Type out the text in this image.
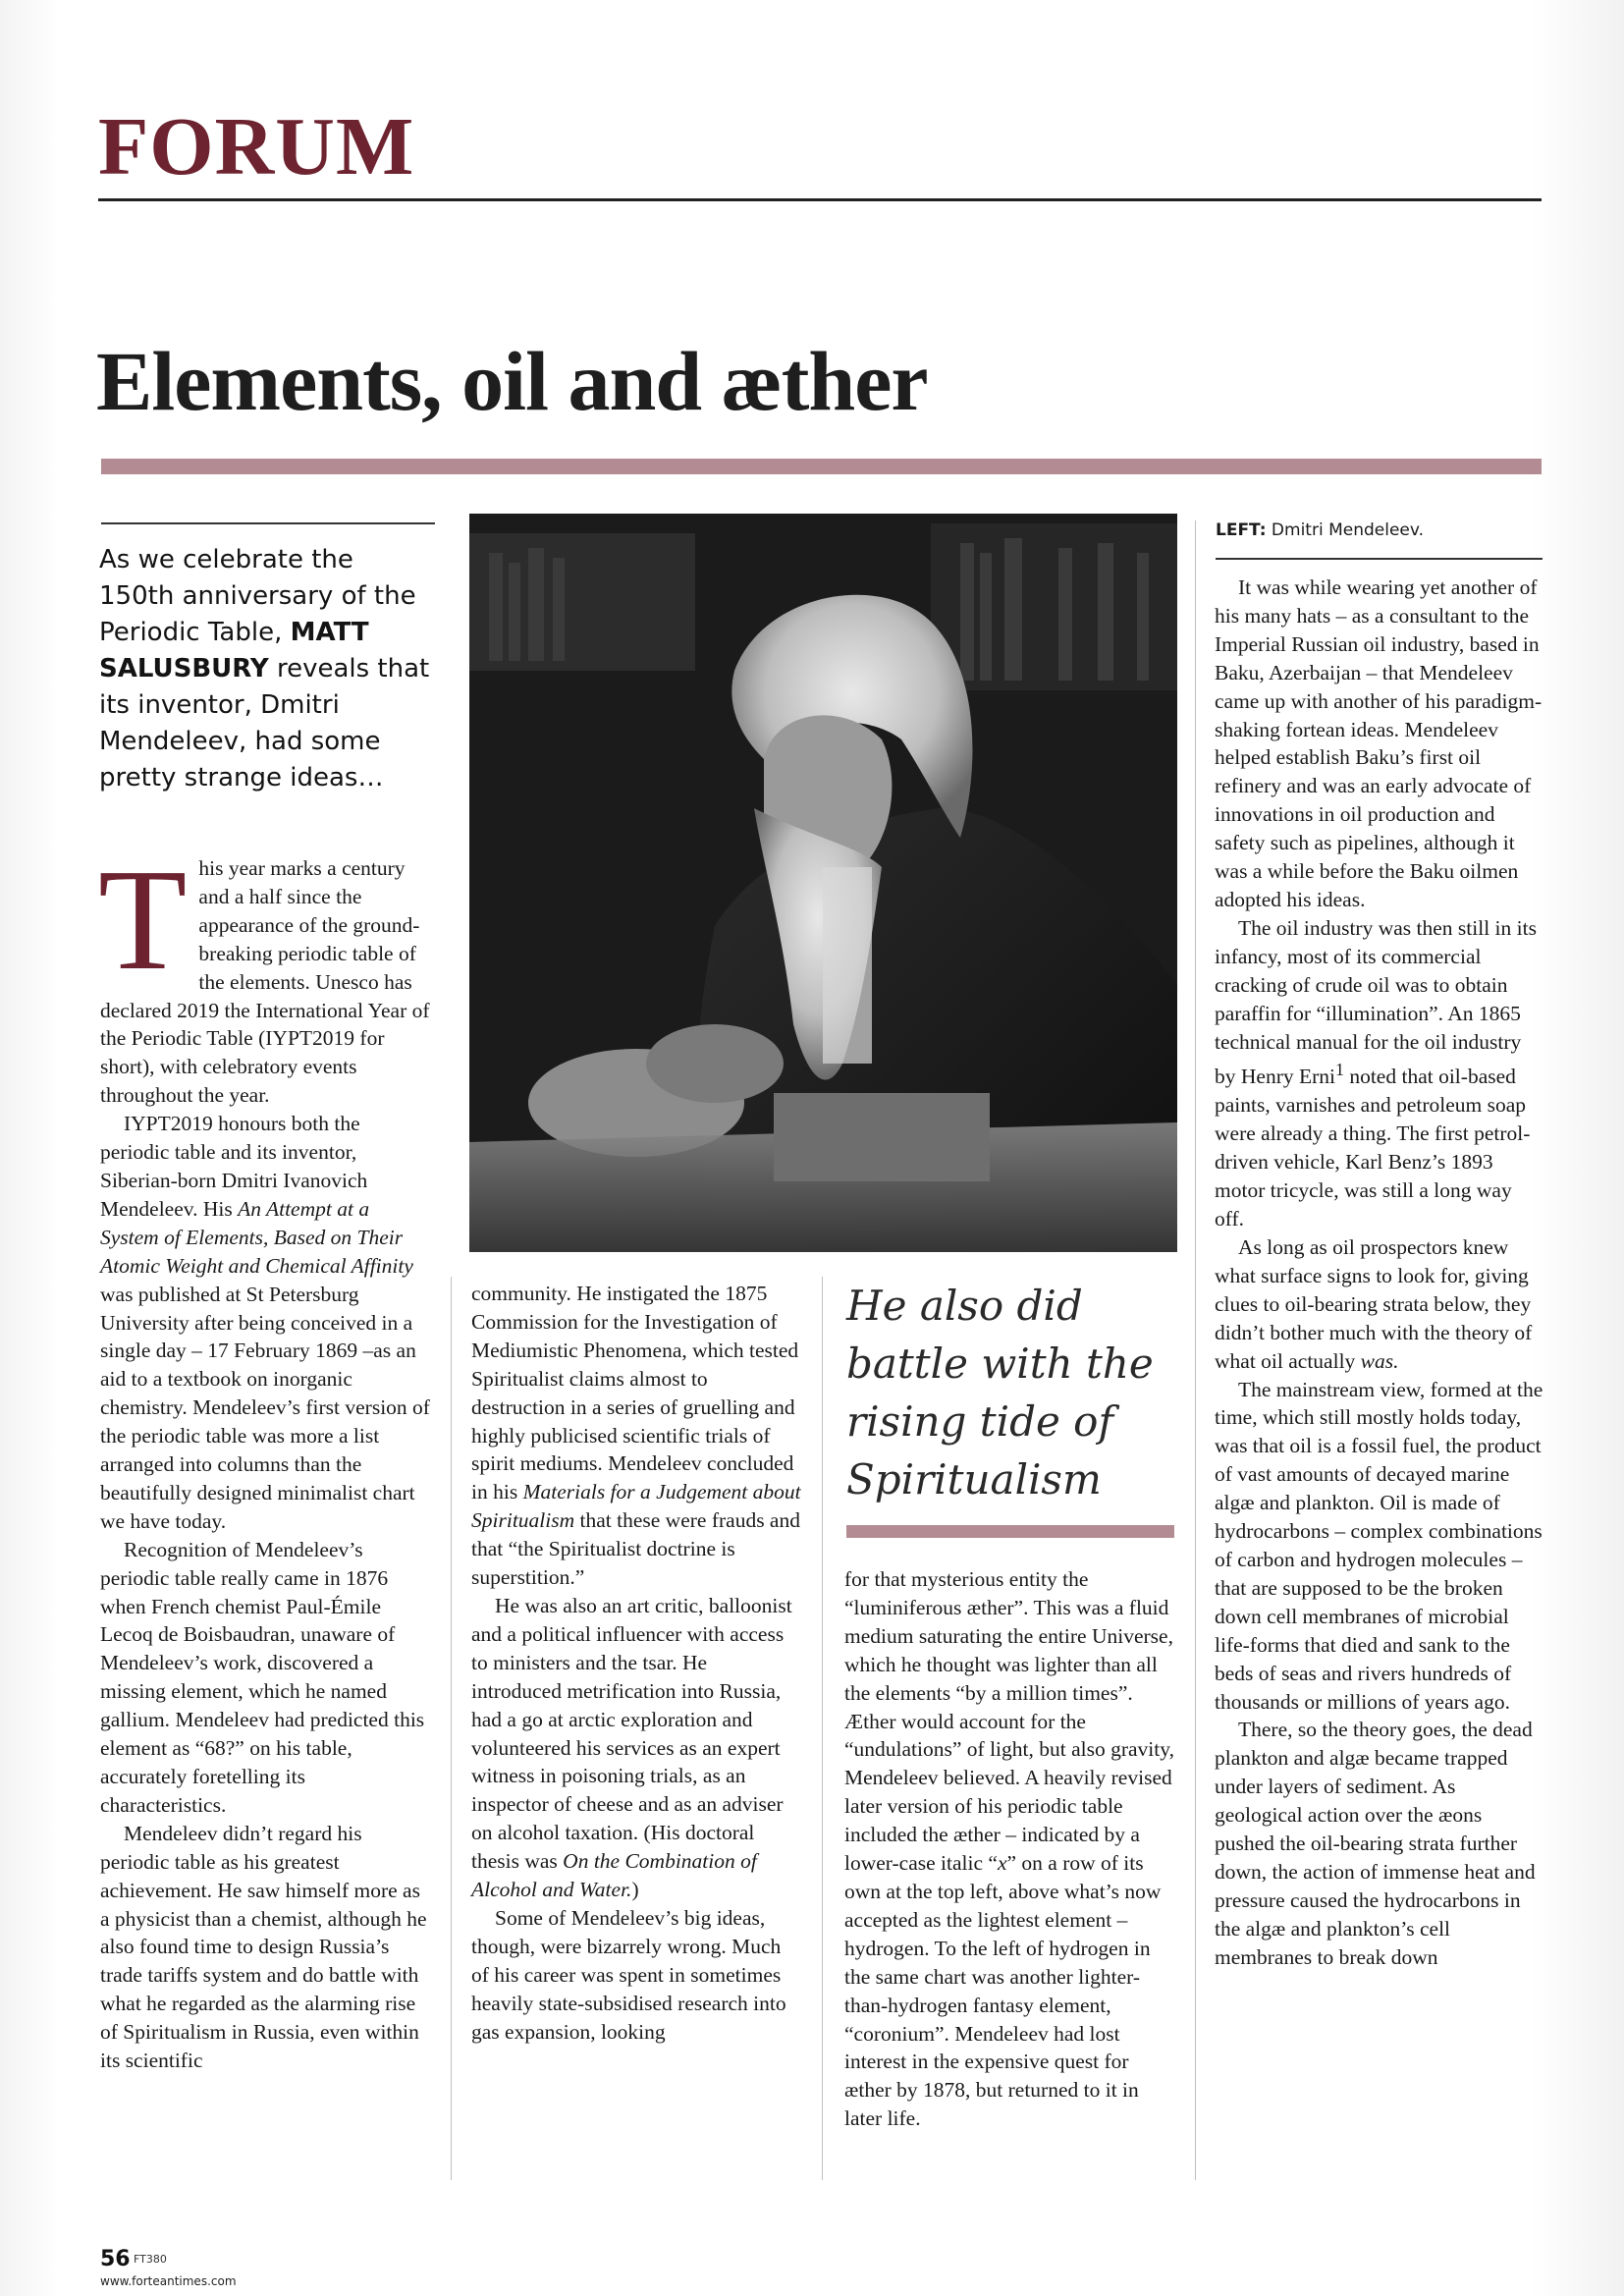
FORUM
Elements, oil and æther

As we celebrate the 150th anniversary of the Periodic Table, MATT SALUSBURY reveals that its inventor, Dmitri Mendeleev, had some pretty strange ideas…

This year marks a century and a half since the appearance of the ground-breaking periodic table of the elements. Unesco has declared 2019 the International Year of the Periodic Table (IYPT2019 for short), with celebratory events throughout the year.

IYPT2019 honours both the periodic table and its inventor, Siberian-born Dmitri Ivanovich Mendeleev. His An Attempt at a System of Elements, Based on Their Atomic Weight and Chemical Affinity was published at St Petersburg University after being conceived in a single day – 17 February 1869 –as an aid to a textbook on inorganic chemistry. Mendeleev’s first version of the periodic table was more a list arranged into columns than the beautifully designed minimalist chart we have today.

Recognition of Mendeleev’s periodic table really came in 1876 when French chemist Paul-Émile Lecoq de Boisbaudran, unaware of Mendeleev’s work, discovered a missing element, which he named gallium. Mendeleev had predicted this element as “68?” on his table, accurately foretelling its characteristics.

Mendeleev didn’t regard his periodic table as his greatest achievement. He saw himself more as a physicist than a chemist, although he also found time to design Russia’s trade tariffs system and do battle with what he regarded as the alarming rise of Spiritualism in Russia, even within its scientific

LEFT: Dmitri Mendeleev.

community. He instigated the 1875 Commission for the Investigation of Mediumistic Phenomena, which tested Spiritualist claims almost to destruction in a series of gruelling and highly publicised scientific trials of spirit mediums. Mendeleev concluded in his Materials for a Judgement about Spiritualism that these were frauds and that “the Spiritualist doctrine is superstition.”

He was also an art critic, balloonist and a political influencer with access to ministers and the tsar. He introduced metrification into Russia, had a go at arctic exploration and volunteered his services as an expert witness in poisoning trials, as an inspector of cheese and as an adviser on alcohol taxation. (His doctoral thesis was On the Combination of Alcohol and Water.)

Some of Mendeleev’s big ideas, though, were bizarrely wrong. Much of his career was spent in sometimes heavily state-subsidised research into gas expansion, looking

He also did battle with the rising tide of Spiritualism

for that mysterious entity the “luminiferous æther”. This was a fluid medium saturating the entire Universe, which he thought was lighter than all the elements “by a million times”. Æther would account for the “undulations” of light, but also gravity, Mendeleev believed. A heavily revised later version of his periodic table included the æther – indicated by a lower-case italic “x” on a row of its own at the top left, above what’s now accepted as the lightest element –hydrogen. To the left of hydrogen in the same chart was another lighter-than-hydrogen fantasy element, “coronium”. Mendeleev had lost interest in the expensive quest for æther by 1878, but returned to it in later life.

It was while wearing yet another of his many hats – as a consultant to the Imperial Russian oil industry, based in Baku, Azerbaijan – that Mendeleev came up with another of his paradigm-shaking fortean ideas. Mendeleev helped establish Baku’s first oil refinery and was an early advocate of innovations in oil production and safety such as pipelines, although it was a while before the Baku oilmen adopted his ideas.

The oil industry was then still in its infancy, most of its commercial cracking of crude oil was to obtain paraffin for “illumination”. An 1865 technical manual for the oil industry by Henry Erni$^1$ noted that oil-based paints, varnishes and petroleum soap were already a thing. The first petrol-driven vehicle, Karl Benz’s 1893 motor tricycle, was still a long way off.

As long as oil prospectors knew what surface signs to look for, giving clues to oil-bearing strata below, they didn’t bother much with the theory of what oil actually was.

The mainstream view, formed at the time, which still mostly holds today, was that oil is a fossil fuel, the product of vast amounts of decayed marine algæ and plankton. Oil is made of hydrocarbons – complex combinations of carbon and hydrogen molecules – that are supposed to be the broken down cell membranes of microbial life-forms that died and sank to the beds of seas and rivers hundreds of thousands or millions of years ago.

There, so the theory goes, the dead plankton and algæ became trapped under layers of sediment. As geological action over the æons pushed the oil-bearing strata further down, the action of immense heat and pressure caused the hydrocarbons in the algæ and plankton’s cell membranes to break down

56 FT380
www.forteantimes.com
